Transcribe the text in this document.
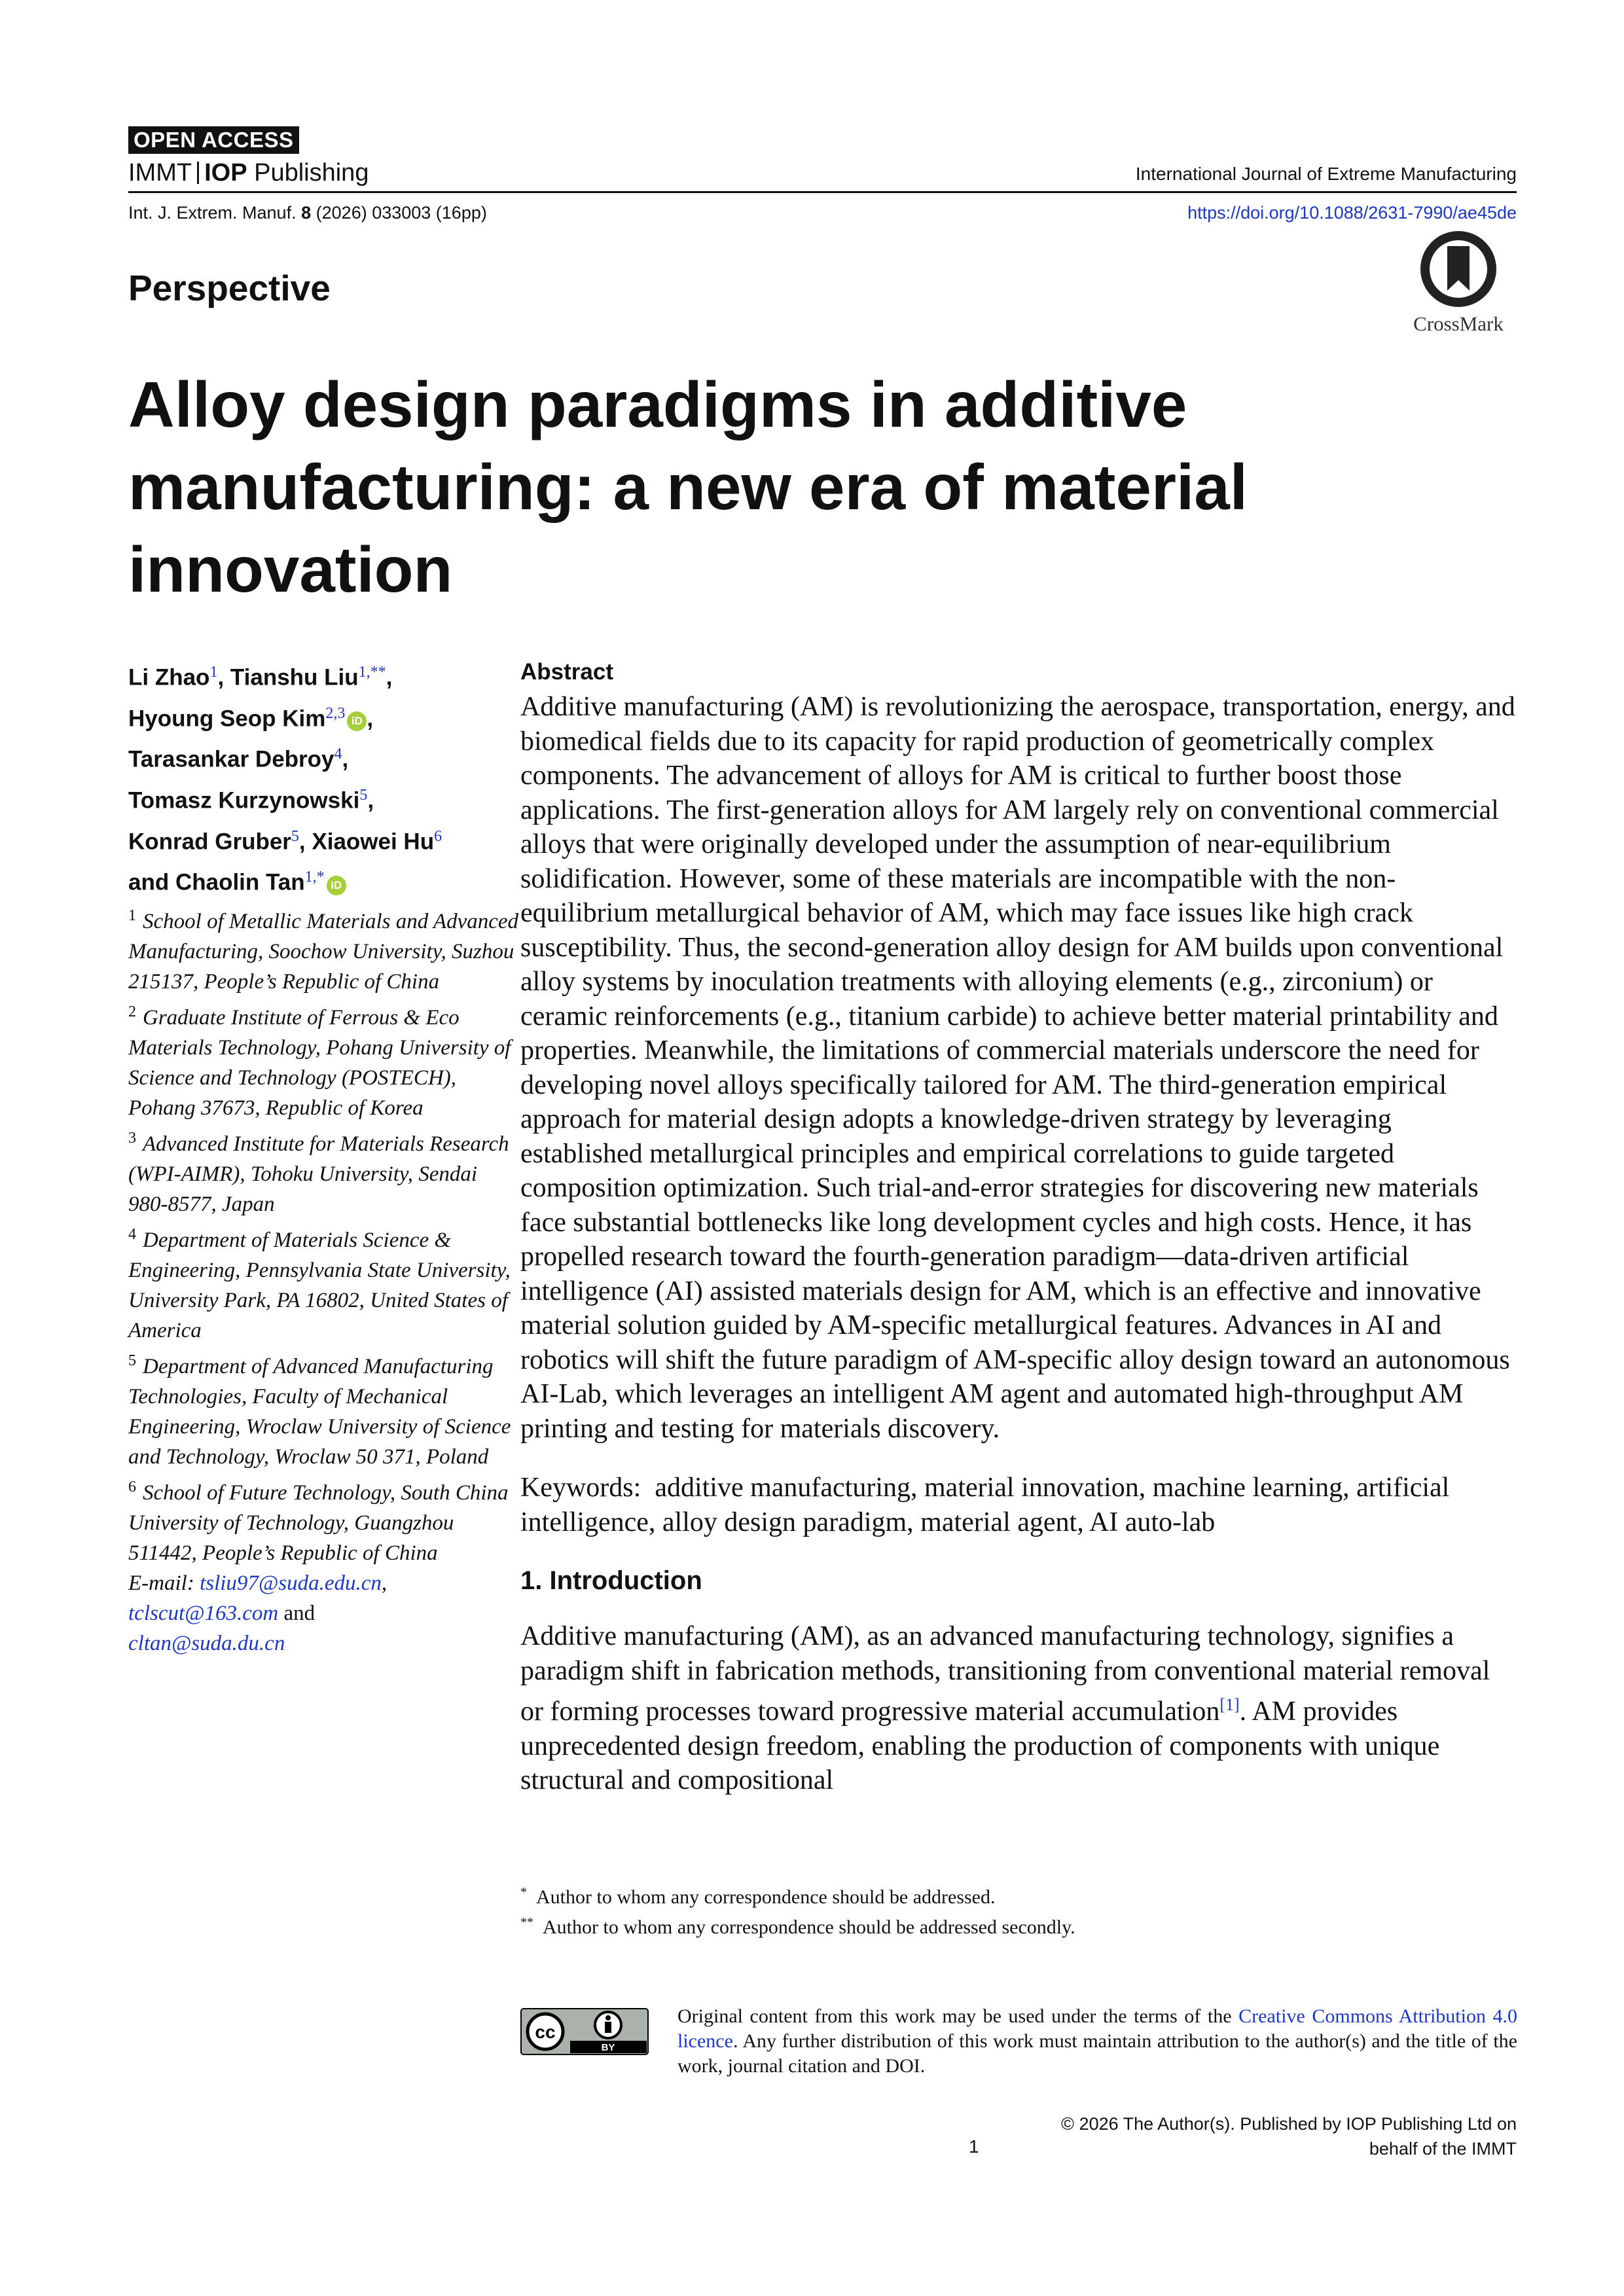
OPEN ACCESS
IMMT IOP Publishing	International Journal of Extreme Manufacturing
Int. J. Extrem. Manuf. 8 (2026) 033003 (16pp)	https://doi.org/10.1088/2631-7990/ae45de
Perspective
CrossMark
Alloy design paradigms in additive manufacturing: a new era of material innovation
Li Zhao$^1$, Tianshu Liu$^{1,**}$,
Hyoung Seop Kim$^{2,3}$ iD ,
Tarasankar Debroy$^4$,
Tomasz Kurzynowski$^5$,
Konrad Gruber$^5$, Xiaowei Hu$^6$
and Chaolin Tan$^{1,*}$ iD
$^1$ School of Metallic Materials and Advanced Manufacturing, Soochow University, Suzhou 215137, People’s Republic of China
$^2$ Graduate Institute of Ferrous & Eco Materials Technology, Pohang University of Science and Technology (POSTECH), Pohang 37673, Republic of Korea
$^3$ Advanced Institute for Materials Research (WPI-AIMR), Tohoku University, Sendai 980-8577, Japan
$^4$ Department of Materials Science & Engineering, Pennsylvania State University, University Park, PA 16802, United States of America
$^5$ Department of Advanced Manufacturing Technologies, Faculty of Mechanical Engineering, Wroclaw University of Science and Technology, Wroclaw 50 371, Poland
$^6$ School of Future Technology, South China University of Technology, Guangzhou 511442, People’s Republic of China
E-mail: tsliu97@suda.edu.cn,
tclscut@163.com and
cltan@suda.du.cn
Abstract

Additive manufacturing (AM) is revolutionizing the aerospace, transportation, energy, and biomedical fields due to its capacity for rapid production of geometrically complex components. The advancement of alloys for AM is critical to further boost those applications. The first-generation alloys for AM largely rely on conventional commercial alloys that were originally developed under the assumption of near-equilibrium solidification. However, some of these materials are incompatible with the non-equilibrium metallurgical behavior of AM, which may face issues like high crack susceptibility. Thus, the second-generation alloy design for AM builds upon conventional alloy systems by inoculation treatments with alloying elements (e.g., zirconium) or ceramic reinforcements (e.g., titanium carbide) to achieve better material printability and properties. Meanwhile, the limitations of commercial materials underscore the need for developing novel alloys specifically tailored for AM. The third-generation empirical approach for material design adopts a knowledge-driven strategy by leveraging established metallurgical principles and empirical correlations to guide targeted composition optimization. Such trial-and-error strategies for discovering new materials face substantial bottlenecks like long development cycles and high costs. Hence, it has propelled research toward the fourth-generation paradigm—data-driven artificial intelligence (AI) assisted materials design for AM, which is an effective and innovative material solution guided by AM-specific metallurgical features. Advances in AI and robotics will shift the future paradigm of AM-specific alloy design toward an autonomous AI-Lab, which leverages an intelligent AM agent and automated high-throughput AM printing and testing for materials discovery.

Keywords: additive manufacturing, material innovation, machine learning, artificial intelligence, alloy design paradigm, material agent, AI auto-lab
1. Introduction
Additive manufacturing (AM), as an advanced manufacturing technology, signifies a paradigm shift in fabrication methods, transitioning from conventional material removal or forming processes toward progressive material accumulation[1]. AM provides unprecedented design freedom, enabling the production of components with unique structural and compositional
* Author to whom any correspondence should be addressed.
** Author to whom any correspondence should be addressed secondly.
cc
BY
Original content from this work may be used under the terms of the Creative Commons Attribution 4.0 licence. Any further distribution of this work must maintain attribution to the author(s) and the title of the work, journal citation and DOI.
1
© 2026 The Author(s). Published by IOP Publishing Ltd on
behalf of the IMMT
